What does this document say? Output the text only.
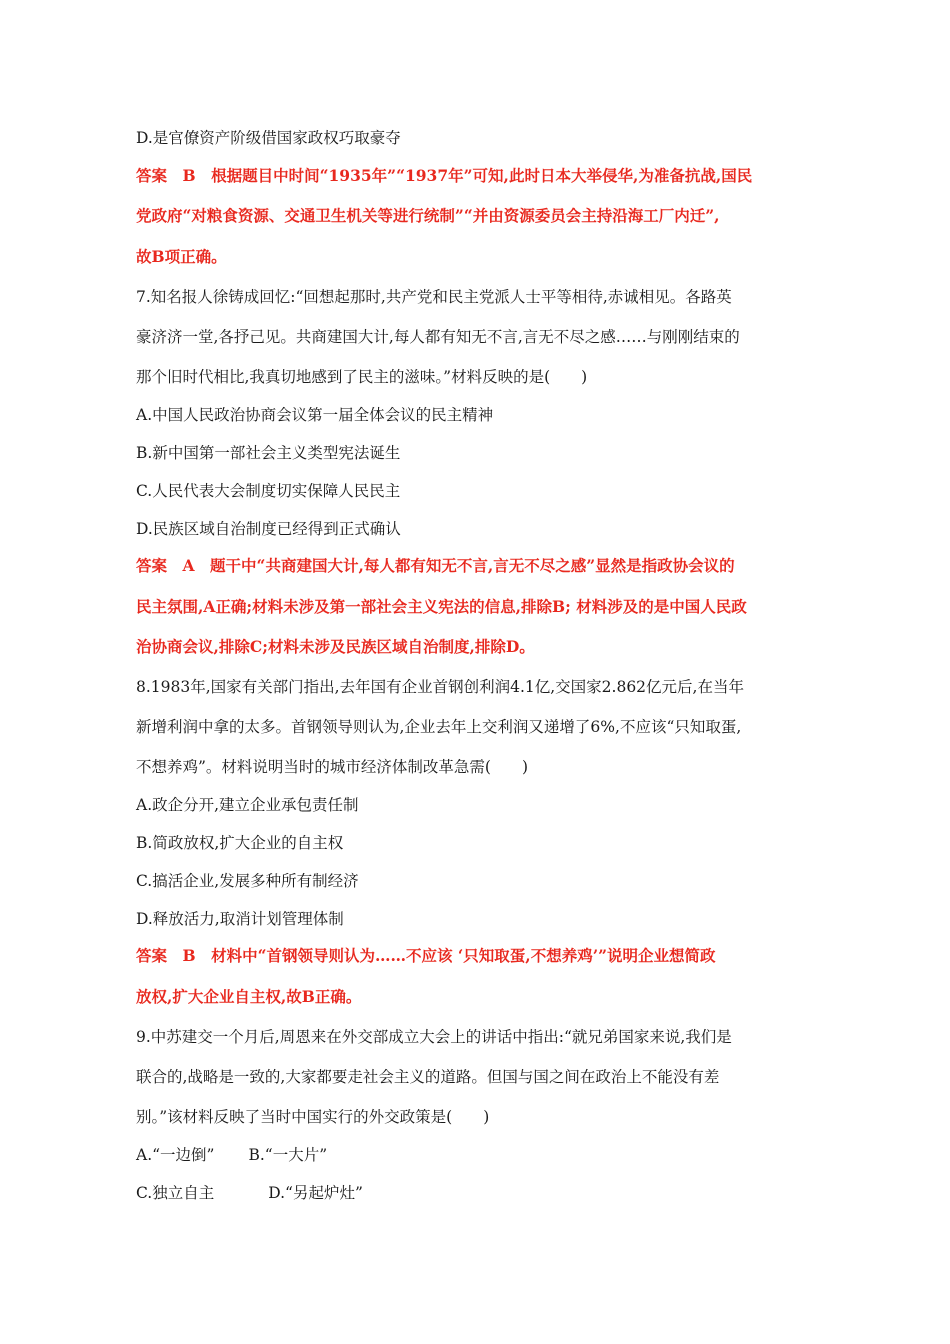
D.是官僚资产阶级借国家政权巧取豪夺
答案　B　根据题目中时间“1935年”“1937年”可知,此时日本大举侵华,为准备抗战,国民
党政府“对粮食资源、交通卫生机关等进行统制”“并由资源委员会主持沿海工厂内迁”,
故B项正确。
7.知名报人徐铸成回忆:“回想起那时,共产党和民主党派人士平等相待,赤诚相见。各路英
豪济济一堂,各抒己见。共商建国大计,每人都有知无不言,言无不尽之感……与刚刚结束的
那个旧时代相比,我真切地感到了民主的滋味。”材料反映的是(　　)
A.中国人民政治协商会议第一届全体会议的民主精神
B.新中国第一部社会主义类型宪法诞生
C.人民代表大会制度切实保障人民民主
D.民族区域自治制度已经得到正式确认
答案　A　题干中“共商建国大计,每人都有知无不言,言无不尽之感”显然是指政协会议的
民主氛围,A正确;材料未涉及第一部社会主义宪法的信息,排除B; 材料涉及的是中国人民政
治协商会议,排除C;材料未涉及民族区域自治制度,排除D。
8.1983年,国家有关部门指出,去年国有企业首钢创利润4.1亿,交国家2.862亿元后,在当年
新增利润中拿的太多。首钢领导则认为,企业去年上交利润又递增了6%,不应该“只知取蛋,
不想养鸡”。材料说明当时的城市经济体制改革急需(　　)
A.政企分开,建立企业承包责任制
B.简政放权,扩大企业的自主权
C.搞活企业,发展多种所有制经济
D.释放活力,取消计划管理体制
答案　B　材料中“首钢领导则认为……不应该 ‘只知取蛋,不想养鸡’”说明企业想简政
放权,扩大企业自主权,故B正确。
9.中苏建交一个月后,周恩来在外交部成立大会上的讲话中指出:“就兄弟国家来说,我们是
联合的,战略是一致的,大家都要走社会主义的道路。但国与国之间在政治上不能没有差
别。”该材料反映了当时中国实行的外交政策是(　　)
A.“一边倒” B.“一大片”
C.独立自主	D.“另起炉灶”
